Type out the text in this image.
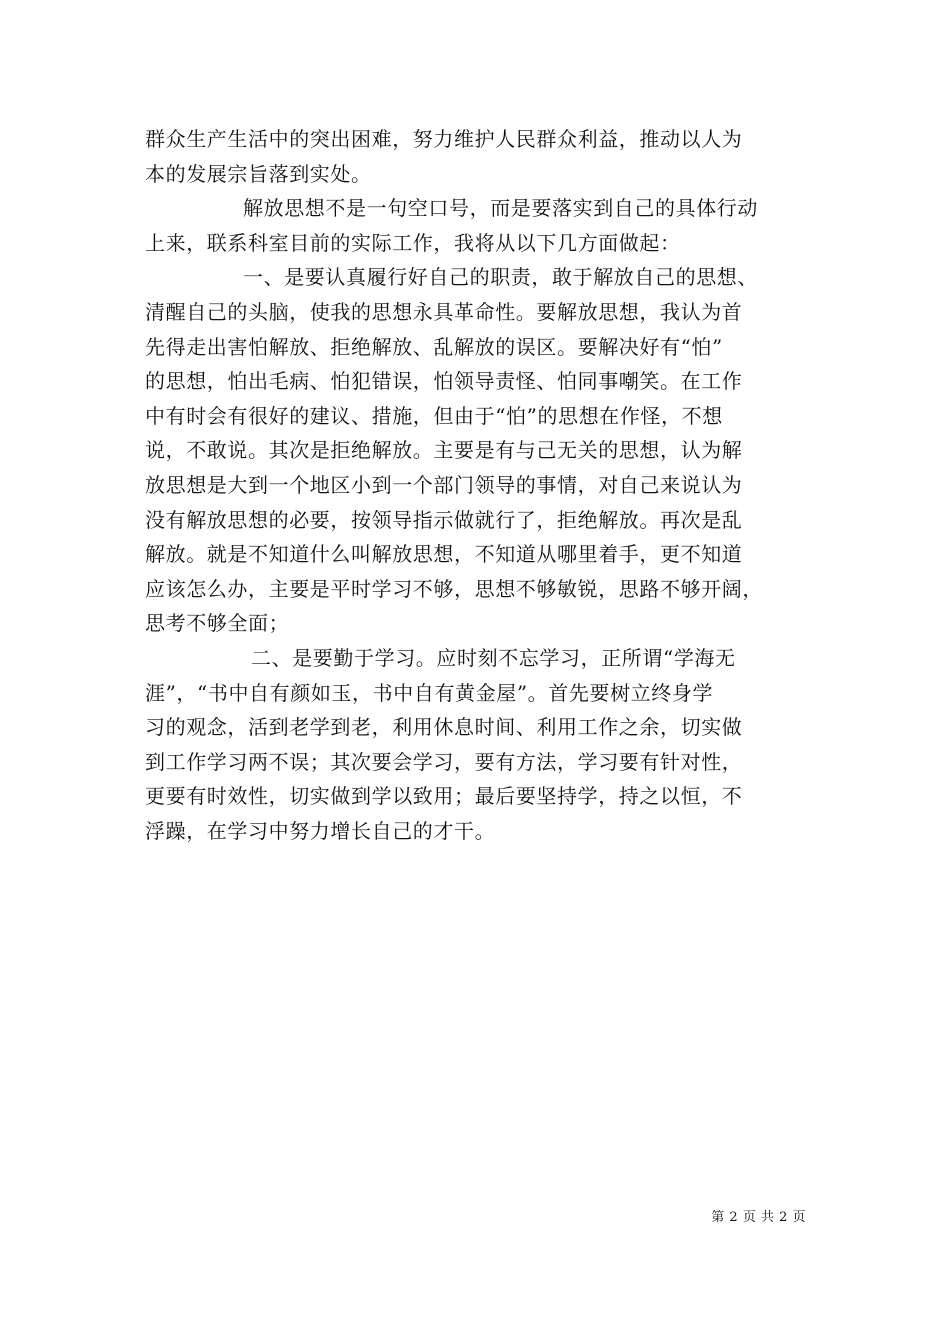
群众生产生活中的突出困难，努力维护人民群众利益，推动以人为
本的发展宗旨落到实处。
解放思想不是一句空口号，而是要落实到自己的具体行动
上来，联系科室目前的实际工作，我将从以下几方面做起：
一、是要认真履行好自己的职责，敢于解放自己的思想、
清醒自己的头脑，使我的思想永具革命性。要解放思想，我认为首
先得走出害怕解放、拒绝解放、乱解放的误区。要解决好有“怕”
的思想，怕出毛病、怕犯错误，怕领导责怪、怕同事嘲笑。在工作
中有时会有很好的建议、措施，但由于“怕”的思想在作怪，不想
说，不敢说。其次是拒绝解放。主要是有与己无关的思想，认为解
放思想是大到一个地区小到一个部门领导的事情，对自己来说认为
没有解放思想的必要，按领导指示做就行了，拒绝解放。再次是乱
解放。就是不知道什么叫解放思想，不知道从哪里着手，更不知道
应该怎么办，主要是平时学习不够，思想不够敏锐，思路不够开阔，
思考不够全面；
二、是要勤于学习。应时刻不忘学习，正所谓“学海无
涯”，“书中自有颜如玉，书中自有黄金屋”。首先要树立终身学
习的观念，活到老学到老，利用休息时间、利用工作之余，切实做
到工作学习两不误；其次要会学习，要有方法，学习要有针对性，
更要有时效性，切实做到学以致用；最后要坚持学，持之以恒，不
浮躁，在学习中努力增长自己的才干。
第 2 页 共 2 页
